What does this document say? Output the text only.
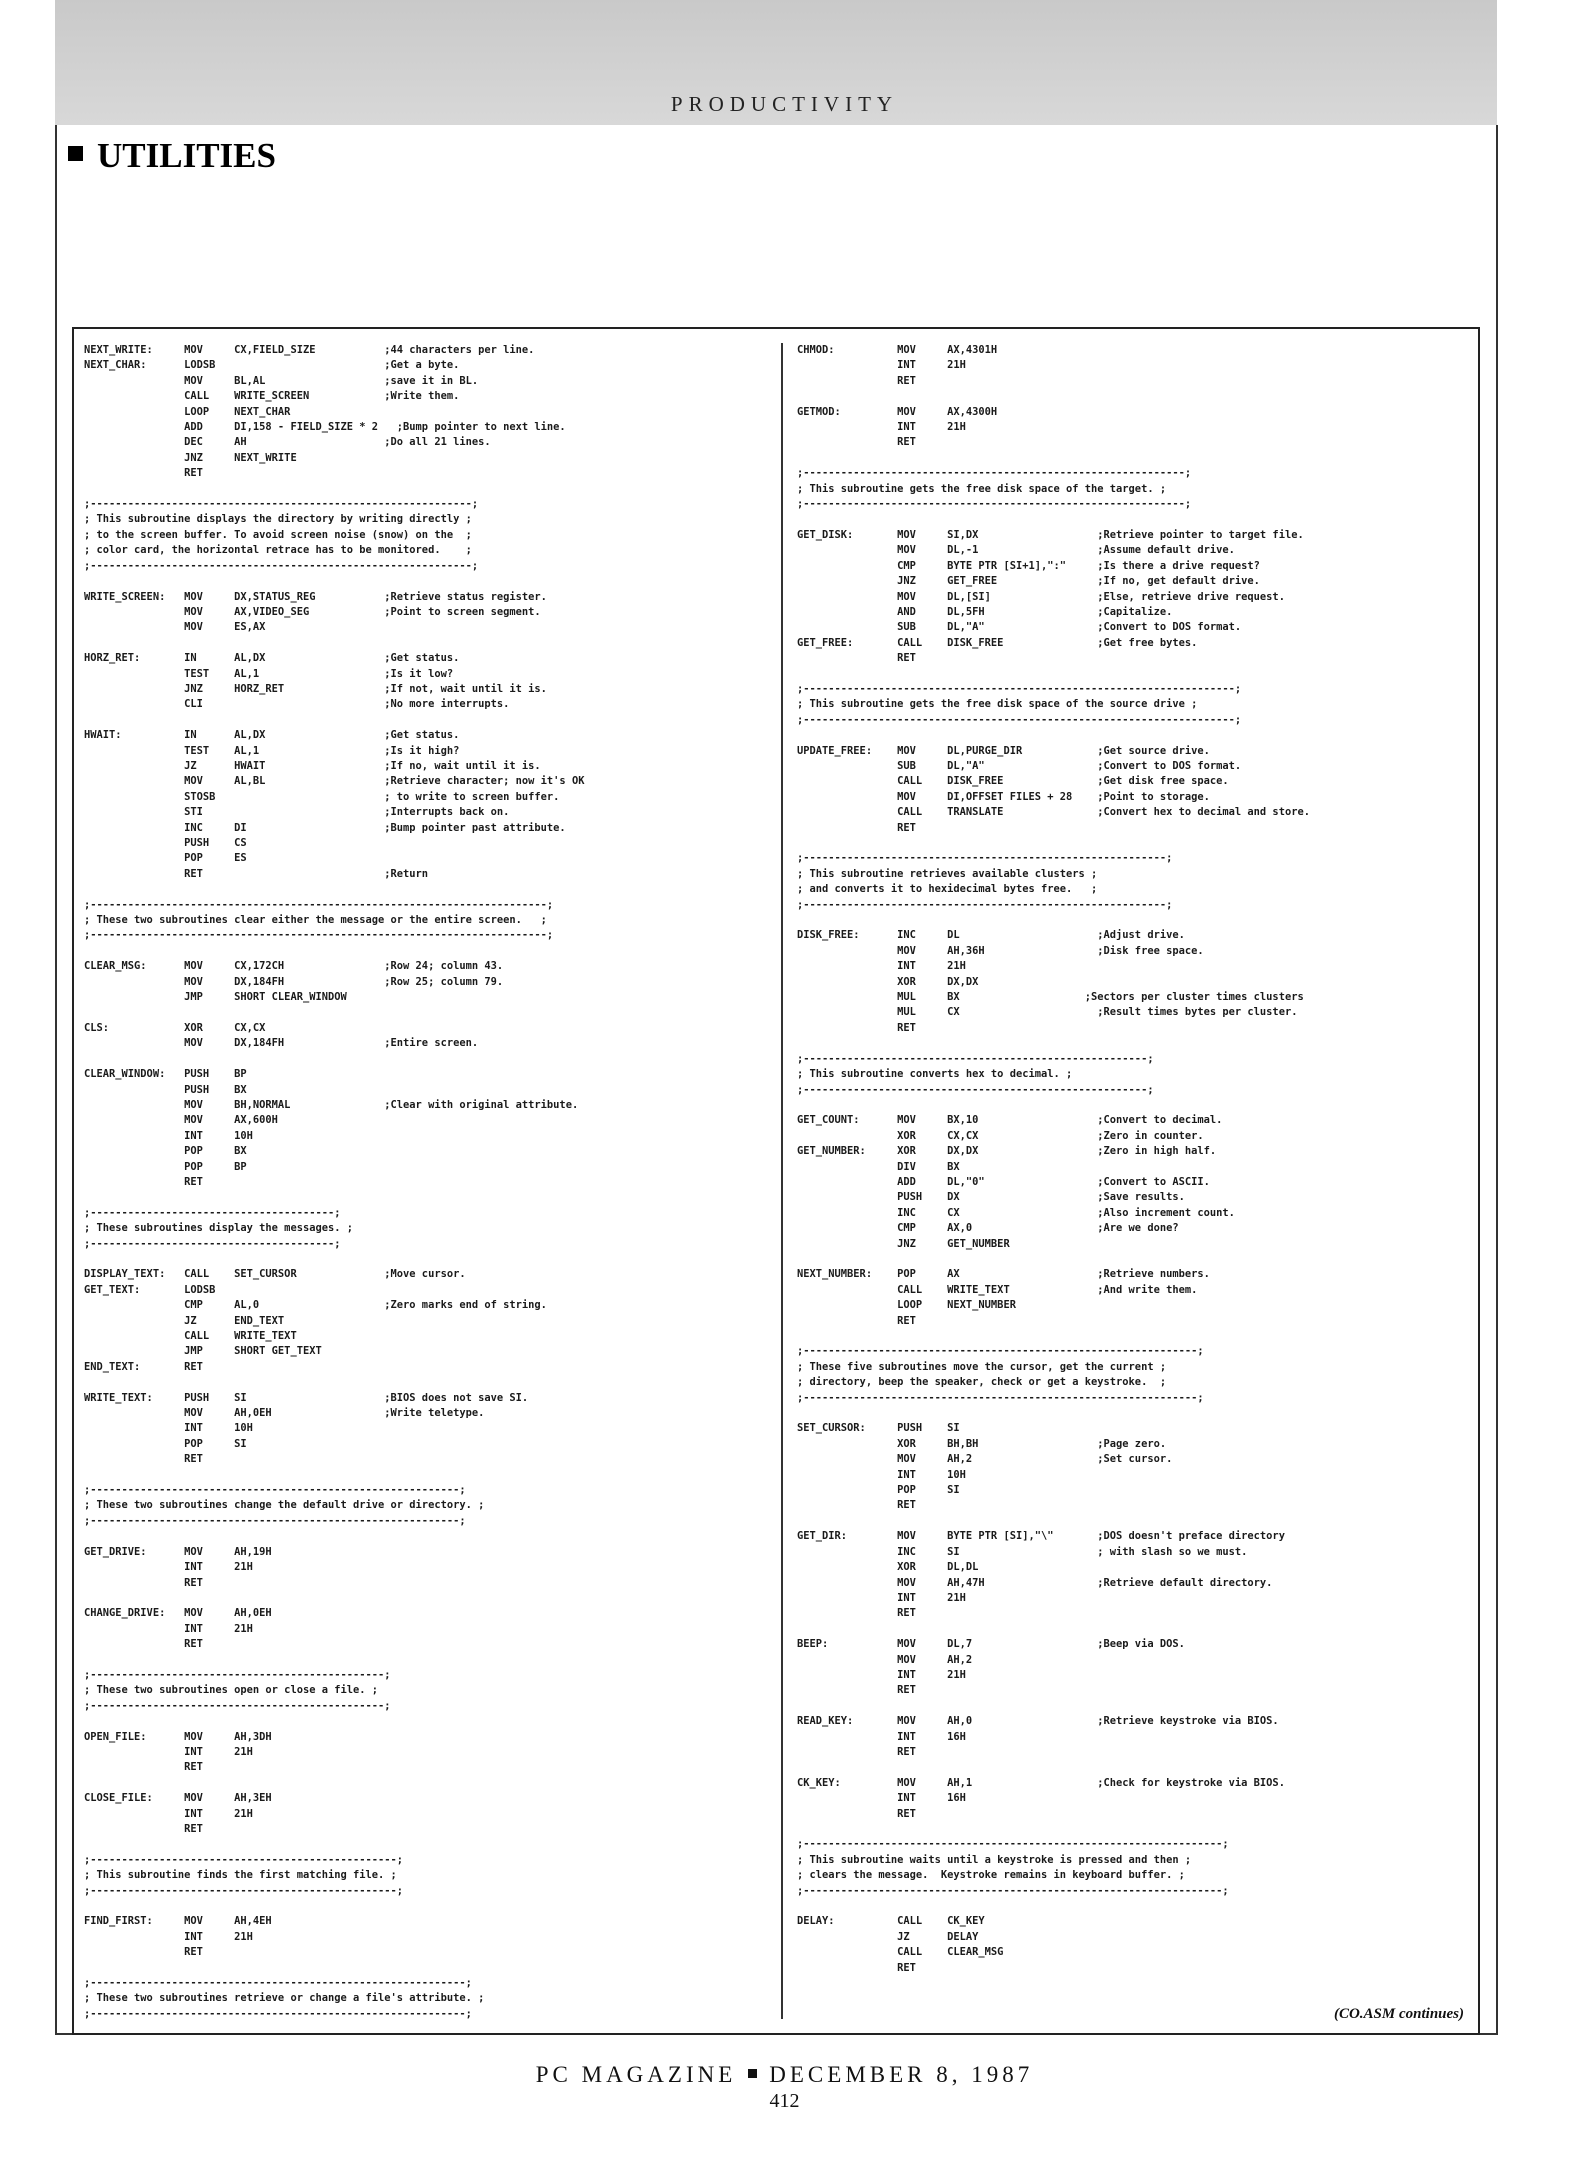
PRODUCTIVITY
UTILITIES
NEXT_WRITE:     MOV     CX,FIELD_SIZE           ;44 characters per line.
NEXT_CHAR:      LODSB                           ;Get a byte.
MOV     BL,AL                   ;save it in BL.
CALL    WRITE_SCREEN            ;Write them.
LOOP    NEXT_CHAR
ADD     DI,158 - FIELD_SIZE * 2   ;Bump pointer to next line.
DEC     AH                      ;Do all 21 lines.
JNZ     NEXT_WRITE
RET

;-------------------------------------------------------------;
; This subroutine displays the directory by writing directly ;
; to the screen buffer. To avoid screen noise (snow) on the  ;
; color card, the horizontal retrace has to be monitored.    ;
;-------------------------------------------------------------;

WRITE_SCREEN:   MOV     DX,STATUS_REG           ;Retrieve status register.
MOV     AX,VIDEO_SEG            ;Point to screen segment.
MOV     ES,AX

HORZ_RET:       IN      AL,DX                   ;Get status.
TEST    AL,1                    ;Is it low?
JNZ     HORZ_RET                ;If not, wait until it is.
CLI                             ;No more interrupts.

HWAIT:          IN      AL,DX                   ;Get status.
TEST    AL,1                    ;Is it high?
JZ      HWAIT                   ;If no, wait until it is.
MOV     AL,BL                   ;Retrieve character; now it's OK
STOSB                           ; to write to screen buffer.
STI                             ;Interrupts back on.
INC     DI                      ;Bump pointer past attribute.
PUSH    CS
POP     ES
RET                             ;Return

;-------------------------------------------------------------------------;
; These two subroutines clear either the message or the entire screen.   ;
;-------------------------------------------------------------------------;

CLEAR_MSG:      MOV     CX,172CH                ;Row 24; column 43.
MOV     DX,184FH                ;Row 25; column 79.
JMP     SHORT CLEAR_WINDOW

CLS:            XOR     CX,CX
MOV     DX,184FH                ;Entire screen.

CLEAR_WINDOW:   PUSH    BP
PUSH    BX
MOV     BH,NORMAL               ;Clear with original attribute.
MOV     AX,600H
INT     10H
POP     BX
POP     BP
RET

;---------------------------------------;
; These subroutines display the messages. ;
;---------------------------------------;

DISPLAY_TEXT:   CALL    SET_CURSOR              ;Move cursor.
GET_TEXT:       LODSB
CMP     AL,0                    ;Zero marks end of string.
JZ      END_TEXT
CALL    WRITE_TEXT
JMP     SHORT GET_TEXT
END_TEXT:       RET

WRITE_TEXT:     PUSH    SI                      ;BIOS does not save SI.
MOV     AH,0EH                  ;Write teletype.
INT     10H
POP     SI
RET

;-----------------------------------------------------------;
; These two subroutines change the default drive or directory. ;
;-----------------------------------------------------------;

GET_DRIVE:      MOV     AH,19H
INT     21H
RET

CHANGE_DRIVE:   MOV     AH,0EH
INT     21H
RET

;-----------------------------------------------;
; These two subroutines open or close a file. ;
;-----------------------------------------------;

OPEN_FILE:      MOV     AH,3DH
INT     21H
RET

CLOSE_FILE:     MOV     AH,3EH
INT     21H
RET

;-------------------------------------------------;
; This subroutine finds the first matching file. ;
;-------------------------------------------------;

FIND_FIRST:     MOV     AH,4EH
INT     21H
RET

;------------------------------------------------------------;
; These two subroutines retrieve or change a file's attribute. ;
;------------------------------------------------------------;
CHMOD:          MOV     AX,4301H
INT     21H
RET

GETMOD:         MOV     AX,4300H
INT     21H
RET

;-------------------------------------------------------------;
; This subroutine gets the free disk space of the target. ;
;-------------------------------------------------------------;

GET_DISK:       MOV     SI,DX                   ;Retrieve pointer to target file.
MOV     DL,-1                   ;Assume default drive.
CMP     BYTE PTR [SI+1],":"     ;Is there a drive request?
JNZ     GET_FREE                ;If no, get default drive.
MOV     DL,[SI]                 ;Else, retrieve drive request.
AND     DL,5FH                  ;Capitalize.
SUB     DL,"A"                  ;Convert to DOS format.
GET_FREE:       CALL    DISK_FREE               ;Get free bytes.
RET

;---------------------------------------------------------------------;
; This subroutine gets the free disk space of the source drive ;
;---------------------------------------------------------------------;

UPDATE_FREE:    MOV     DL,PURGE_DIR            ;Get source drive.
SUB     DL,"A"                  ;Convert to DOS format.
CALL    DISK_FREE               ;Get disk free space.
MOV     DI,OFFSET FILES + 28    ;Point to storage.
CALL    TRANSLATE               ;Convert hex to decimal and store.
RET

;----------------------------------------------------------;
; This subroutine retrieves available clusters ;
; and converts it to hexidecimal bytes free.   ;
;----------------------------------------------------------;

DISK_FREE:      INC     DL                      ;Adjust drive.
MOV     AH,36H                  ;Disk free space.
INT     21H
XOR     DX,DX
MUL     BX                    ;Sectors per cluster times clusters
MUL     CX                      ;Result times bytes per cluster.
RET

;-------------------------------------------------------;
; This subroutine converts hex to decimal. ;
;-------------------------------------------------------;

GET_COUNT:      MOV     BX,10                   ;Convert to decimal.
XOR     CX,CX                   ;Zero in counter.
GET_NUMBER:     XOR     DX,DX                   ;Zero in high half.
DIV     BX
ADD     DL,"0"                  ;Convert to ASCII.
PUSH    DX                      ;Save results.
INC     CX                      ;Also increment count.
CMP     AX,0                    ;Are we done?
JNZ     GET_NUMBER

NEXT_NUMBER:    POP     AX                      ;Retrieve numbers.
CALL    WRITE_TEXT              ;And write them.
LOOP    NEXT_NUMBER
RET

;---------------------------------------------------------------;
; These five subroutines move the cursor, get the current ;
; directory, beep the speaker, check or get a keystroke.  ;
;---------------------------------------------------------------;

SET_CURSOR:     PUSH    SI
XOR     BH,BH                   ;Page zero.
MOV     AH,2                    ;Set cursor.
INT     10H
POP     SI
RET

GET_DIR:        MOV     BYTE PTR [SI],"\"       ;DOS doesn't preface directory
INC     SI                      ; with slash so we must.
XOR     DL,DL
MOV     AH,47H                  ;Retrieve default directory.
INT     21H
RET

BEEP:           MOV     DL,7                    ;Beep via DOS.
MOV     AH,2
INT     21H
RET

READ_KEY:       MOV     AH,0                    ;Retrieve keystroke via BIOS.
INT     16H
RET

CK_KEY:         MOV     AH,1                    ;Check for keystroke via BIOS.
INT     16H
RET

;-------------------------------------------------------------------;
; This subroutine waits until a keystroke is pressed and then ;
; clears the message.  Keystroke remains in keyboard buffer. ;
;-------------------------------------------------------------------;

DELAY:          CALL    CK_KEY
JZ      DELAY
CALL    CLEAR_MSG
RET
(CO.ASM continues)
PC MAGAZINE DECEMBER 8, 1987
412
